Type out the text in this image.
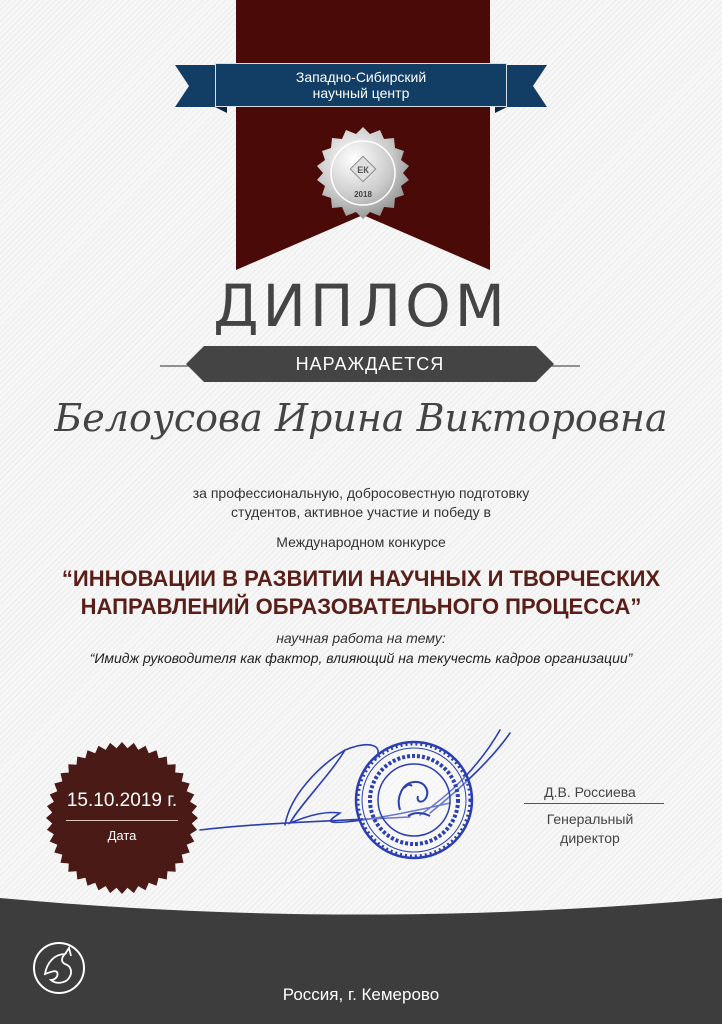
Западно-Сибирский
научный центр
ЕК
2018
ДИПЛОМ
НАРАЖДАЕТСЯ
Белоусова Ирина Викторовна
за профессиональную, добросовестную подготовку
студентов, активное участие и победу в
Международном конкурсе
“ИННОВАЦИИ В РАЗВИТИИ НАУЧНЫХ И ТВОРЧЕСКИХ
НАПРАВЛЕНИЙ ОБРАЗОВАТЕЛЬНОГО ПРОЦЕССА”
научная работа на тему:
“Имидж руководителя как фактор, влияющий на текучесть кадров организации”
15.10.2019 г.
Дата
Д.В. Россиева
Генеральный
директор
Россия, г. Кемерово
